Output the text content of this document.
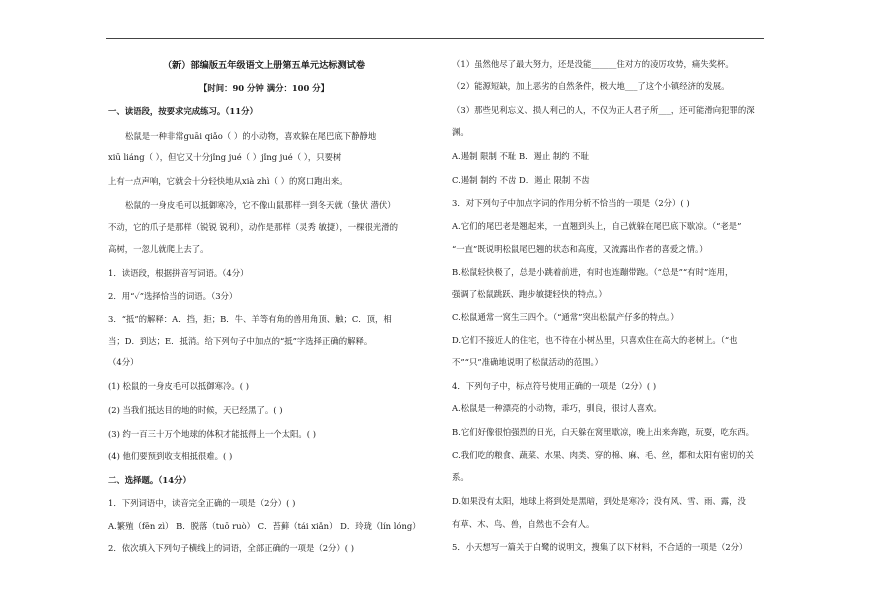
（新）部编版五年级语文上册第五单元达标测试卷
【时间：90 分钟 满分：100 分】
一、读语段，按要求完成练习。（11分）
松鼠是一种非常guāi qiǎo（ ）的小动物，喜欢躲在尾巴底下静静地
xiū liáng（ ），但它又十分jǐng jué（ ）jǐng jué（ ），只要树
上有一点声响，它就会十分轻快地从xià zhì（ ）的窝口跑出来。
松鼠的一身皮毛可以抵御寒冷，它不像山鼠那样一到冬天就（蛰伏 潜伏）
不动，它的爪子是那样（锐锐 锐利），动作是那样（灵秀 敏捷），一棵很光滑的
高树，一忽儿就爬上去了。
1．读语段，根据拼音写词语。（4分）
2．用“✓”选择恰当的词语。（3分）
3．“抵”的解释：A．挡，拒；B．牛、羊等有角的兽用角顶、触；C．顶，相
当；D．到达；E．抵消。给下列句子中加点的“抵”字选择正确的解释。
（4分）
(1) 松鼠的一身皮毛可以抵御寒冷。( )
(2) 当我们抵达目的地的时候，天已经黑了。( )
(3) 约一百三十万个地球的体积才能抵得上一个太阳。( )
(4) 他们要预到收支相抵很难。( )
二、选择题。（14分）
1．下列词语中，读音完全正确的一项是（2分）( )
A.繁殖（fēn zì） B．脱落（tuō ruò） C．苔藓（tái xiǎn） D．玲珑（lín lóng）
2．依次填入下列句子横线上的词语，全部正确的一项是（2分）( )
（1）虽然他尽了最大努力，还是没能______住对方的凌厉攻势，痛失奖杯。
（2）能源短缺，加上恶劣的自然条件，极大地___了这个小镇经济的发展。
（3）那些见利忘义、损人利己的人，不仅为正人君子所___，还可能滑向犯罪的深
渊。
A.遏制 限制 不耻 B．遏止 制约 不耻
C.遏制 制约 不齿 D．遏止 限制 不齿
3．对下列句子中加点字词的作用分析不恰当的一项是（2分）( )
A.它们的尾巴老是翘起来，一直翘到头上，自己就躲在尾巴底下歇凉。（“老是”
“一直”既说明松鼠尾巴翘的状态和高度，又流露出作者的喜爱之情。）
B.松鼠轻快极了，总是小跳着前进，有时也连蹦带跑。（“总是”“有时”连用，
强调了松鼠跳跃、跑步敏捷轻快的特点。）
C.松鼠通常一窝生三四个。（“通常”突出松鼠产仔多的特点。）
D.它们不接近人的住宅，也不待在小树丛里，只喜欢住在高大的老树上。（“也
不”“只”准确地说明了松鼠活动的范围。）
4．下列句子中，标点符号使用正确的一项是（2分）( )
A.松鼠是一种漂亮的小动物，乖巧，驯良，很讨人喜欢。
B.它们好像很怕强烈的日光，白天躲在窝里歇凉，晚上出来奔跑，玩耍，吃东西。
C.我们吃的粮食、蔬菜、水果、肉类、穿的棉、麻、毛、丝，都和太阳有密切的关
系。
D.如果没有太阳，地球上将到处是黑暗，到处是寒冷；没有风、雪、雨、露，没
有草、木、鸟、兽，自然也不会有人。
5．小天想写一篇关于白鹭的说明文，搜集了以下材料，不合适的一项是（2分）
